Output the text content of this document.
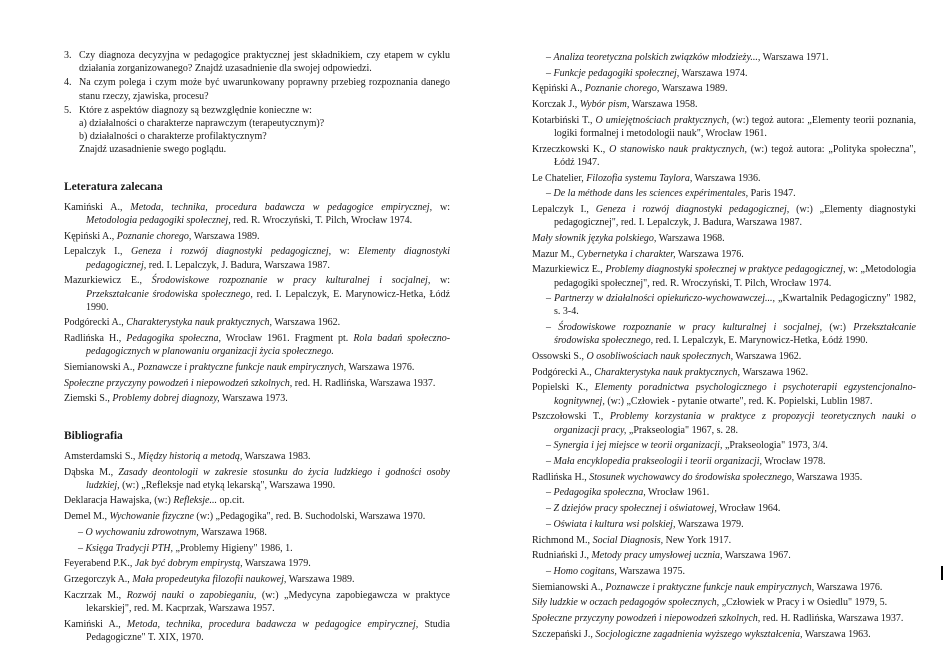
3. Czy diagnoza decyzyjna w pedagogice praktycznej jest składnikiem, czy etapem w cyklu działania zorganizowanego? Znajdź uzasadnienie dla swojej odpowiedzi.
4. Na czym polega i czym może być uwarunkowany poprawny przebieg rozpoznania danego stanu rzeczy, zjawiska, procesu?
5. Które z aspektów diagnozy są bezwzględnie konieczne w:
a) działalności o charakterze naprawczym (terapeutycznym)?
b) działalności o charakterze profilaktycznym?
Znajdź uzasadnienie swego poglądu.
Leteratura zalecana
Kamiński A., Metoda, technika, procedura badawcza w pedagogice empirycznej, w: Metodologia pedagogiki społecznej, red. R. Wroczyński, T. Pilch, Wrocław 1974.
Kępiński A., Poznanie chorego, Warszawa 1989.
Lepalczyk I., Geneza i rozwój diagnostyki pedagogicznej, w: Elementy diagnostyki pedagogicznej, red. I. Lepalczyk, J. Badura, Warszawa 1987.
Mazurkiewicz E., Środowiskowe rozpoznanie w pracy kulturalnej i socjalnej, w: Przekształcanie środowiska społecznego, red. I. Lepalczyk, E. Marynowicz-Hetka, Łódź 1990.
Podgórecki A., Charakterystyka nauk praktycznych, Warszawa 1962.
Radlińska H., Pedagogika społeczna, Wrocław 1961. Fragment pt. Rola badań społeczno-pedagogicznych w planowaniu organizacji życia społecznego.
Siemianowski A., Poznawcze i praktyczne funkcje nauk empirycznych, Warszawa 1976.
Społeczne przyczyny powodzeń i niepowodzeń szkolnych, red. H. Radlińska, Warszawa 1937.
Ziemski S., Problemy dobrej diagnozy, Warszawa 1973.
Bibliografia
Amsterdamski S., Między historią a metodą, Warszawa 1983.
Dąbska M., Zasady deontologii w zakresie stosunku do życia ludzkiego i godności osoby ludzkiej, (w:) „Refleksje nad etyką lekarską", Warszawa 1990.
Deklaracja Hawajska, (w:) Refleksje... op.cit.
Demel M., Wychowanie fizyczne (w:) „Pedagogika", red. B. Suchodolski, Warszawa 1970.
– O wychowaniu zdrowotnym, Warszawa 1968.
– Księga Tradycji PTH, „Problemy Higieny" 1986, 1.
Feyerabend P.K., Jak być dobrym empirystą, Warszawa 1979.
Grzegorczyk A., Mała propedeutyka filozofii naukowej, Warszawa 1989.
Kaczrzak M., Rozwój nauki o zapobieganiu, (w:) „Medycyna zapobiegawcza w praktyce lekarskiej", red. M. Kacprzak, Warszawa 1957.
Kamiński A., Metoda, technika, procedura badawcza w pedagogice empirycznej, Studia Pedagogiczne" T. XIX, 1970.
– Analiza teoretyczna polskich związków młodzieży..., Warszawa 1971.
– Funkcje pedagogiki społecznej, Warszawa 1974.
Kępiński A., Poznanie chorego, Warszawa 1989.
Korczak J., Wybór pism, Warszawa 1958.
Kotarbiński T., O umiejętnościach praktycznych, (w:) tegoż autora: „Elementy teorii poznania, logiki formalnej i metodologii nauk", Wrocław 1961.
Krzeczkowski K., O stanowisko nauk praktycznych, (w:) tegoż autora: „Polityka społeczna", Łódź 1947.
Le Chatelier, Filozofia systemu Taylora, Warszawa 1936.
– De la méthode dans les sciences expérimentales, Paris 1947.
Lepalczyk I., Geneza i rozwój diagnostyki pedagogicznej, (w:) „Elementy diagnostyki pedagogicznej", red. I. Lepalczyk, J. Badura, Warszawa 1987.
Mały słownik języka polskiego, Warszawa 1968.
Mazur M., Cybernetyka i charakter, Warszawa 1976.
Mazurkiewicz E., Problemy diagnostyki społecznej w praktyce pedagogicznej, w: „Metodologia pedagogiki społecznej", red. R. Wroczyński, T. Pilch, Wrocław 1974.
– Partnerzy w działalności opiekuńczo-wychowawczej..., „Kwartalnik Pedagogiczny" 1982, s. 3-4.
– Środowiskowe rozpoznanie w pracy kulturalnej i socjalnej, (w:) Przekształcanie środowiska społecznego, red. I. Lepalczyk, E. Marynowicz-Hetka, Łódź 1990.
Ossowski S., O osobliwościach nauk społecznych, Warszawa 1962.
Podgórecki A., Charakterystyka nauk praktycznych, Warszawa 1962.
Popielski K., Elementy poradnictwa psychologicznego i psychoterapii egzystencjonalno-kognitywnej, (w:) „Człowiek - pytanie otwarte", red. K. Popielski, Lublin 1987.
Pszczołowski T., Problemy korzystania w praktyce z propozycji teoretycznych nauki o organizacji pracy, „Prakseologia" 1967, s. 28.
– Synergia i jej miejsce w teorii organizacji, „Prakseologia" 1973, 3/4.
– Mała encyklopedia prakseologii i teorii organizacji, Wrocław 1978.
Radlińska H., Stosunek wychowawcy do środowiska społecznego, Warszawa 1935.
– Pedagogika społeczna, Wrocław 1961.
– Z dziejów pracy społecznej i oświatowej, Wrocław 1964.
– Oświata i kultura wsi polskiej, Warszawa 1979.
Richmond M., Social Diagnosis, New York 1917.
Rudniański J., Metody pracy umysłowej ucznia, Warszawa 1967.
– Homo cogitans, Warszawa 1975.
Siemianowski A., Poznawcze i praktyczne funkcje nauk empirycznych, Warszawa 1976.
Siły ludzkie w oczach pedagogów społecznych, „Człowiek w Pracy i w Osiedlu" 1979, 5.
Społeczne przyczyny powodzeń i niepowodzeń szkolnych, red. H. Radlińska, Warszawa 1937.
Szczepański J., Socjologiczne zagadnienia wyższego wykształcenia, Warszawa 1963.
